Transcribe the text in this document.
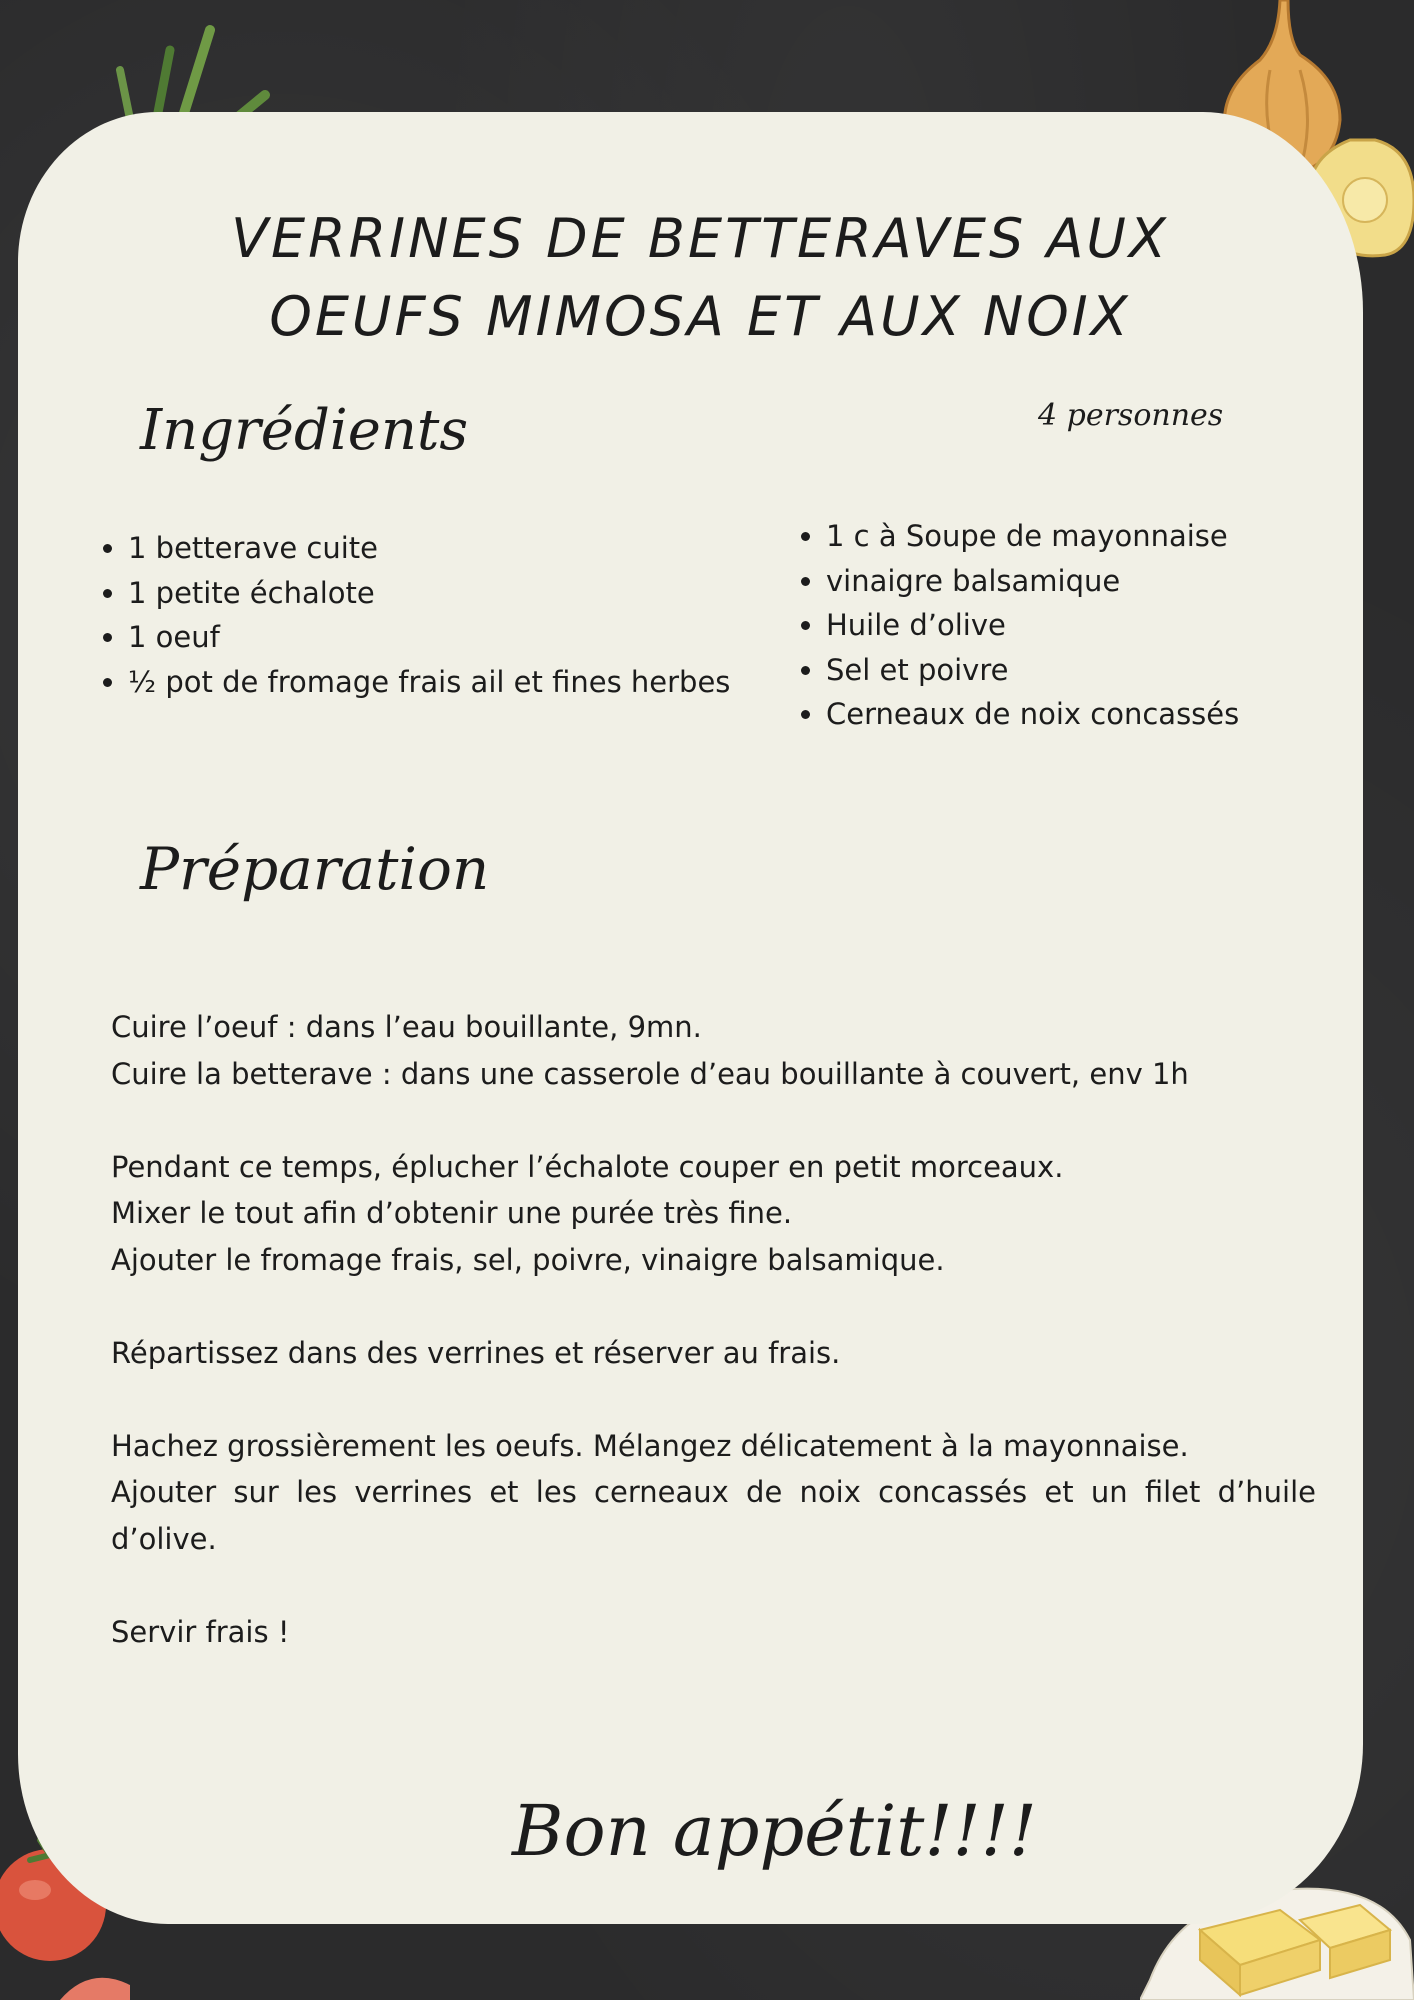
VERRINES DE BETTERAVES AUX
OEUFS MIMOSA ET AUX NOIX
Ingrédients	4 personnes
• 1 betterave cuite
• 1 petite échalote
• 1 oeuf
• ½ pot de fromage frais ail et fines herbes
• 1 c à Soupe de mayonnaise
• vinaigre balsamique
• Huile d’olive
• Sel et poivre
• Cerneaux de noix concassés
Préparation

Cuire l’oeuf : dans l’eau bouillante, 9mn.
Cuire la betterave : dans une casserole d’eau bouillante à couvert, env 1h

Pendant ce temps, éplucher l’échalote couper en petit morceaux.
Mixer le tout afin d’obtenir une purée très fine.
Ajouter le fromage frais, sel, poivre, vinaigre balsamique.

Répartissez dans des verrines et réserver au frais.

Hachez grossièrement les oeufs. Mélangez délicatement à la mayonnaise.
Ajouter sur les verrines et les cerneaux de noix concassés et un filet d’huile d’olive.

Servir frais !

Bon appétit!!!!
